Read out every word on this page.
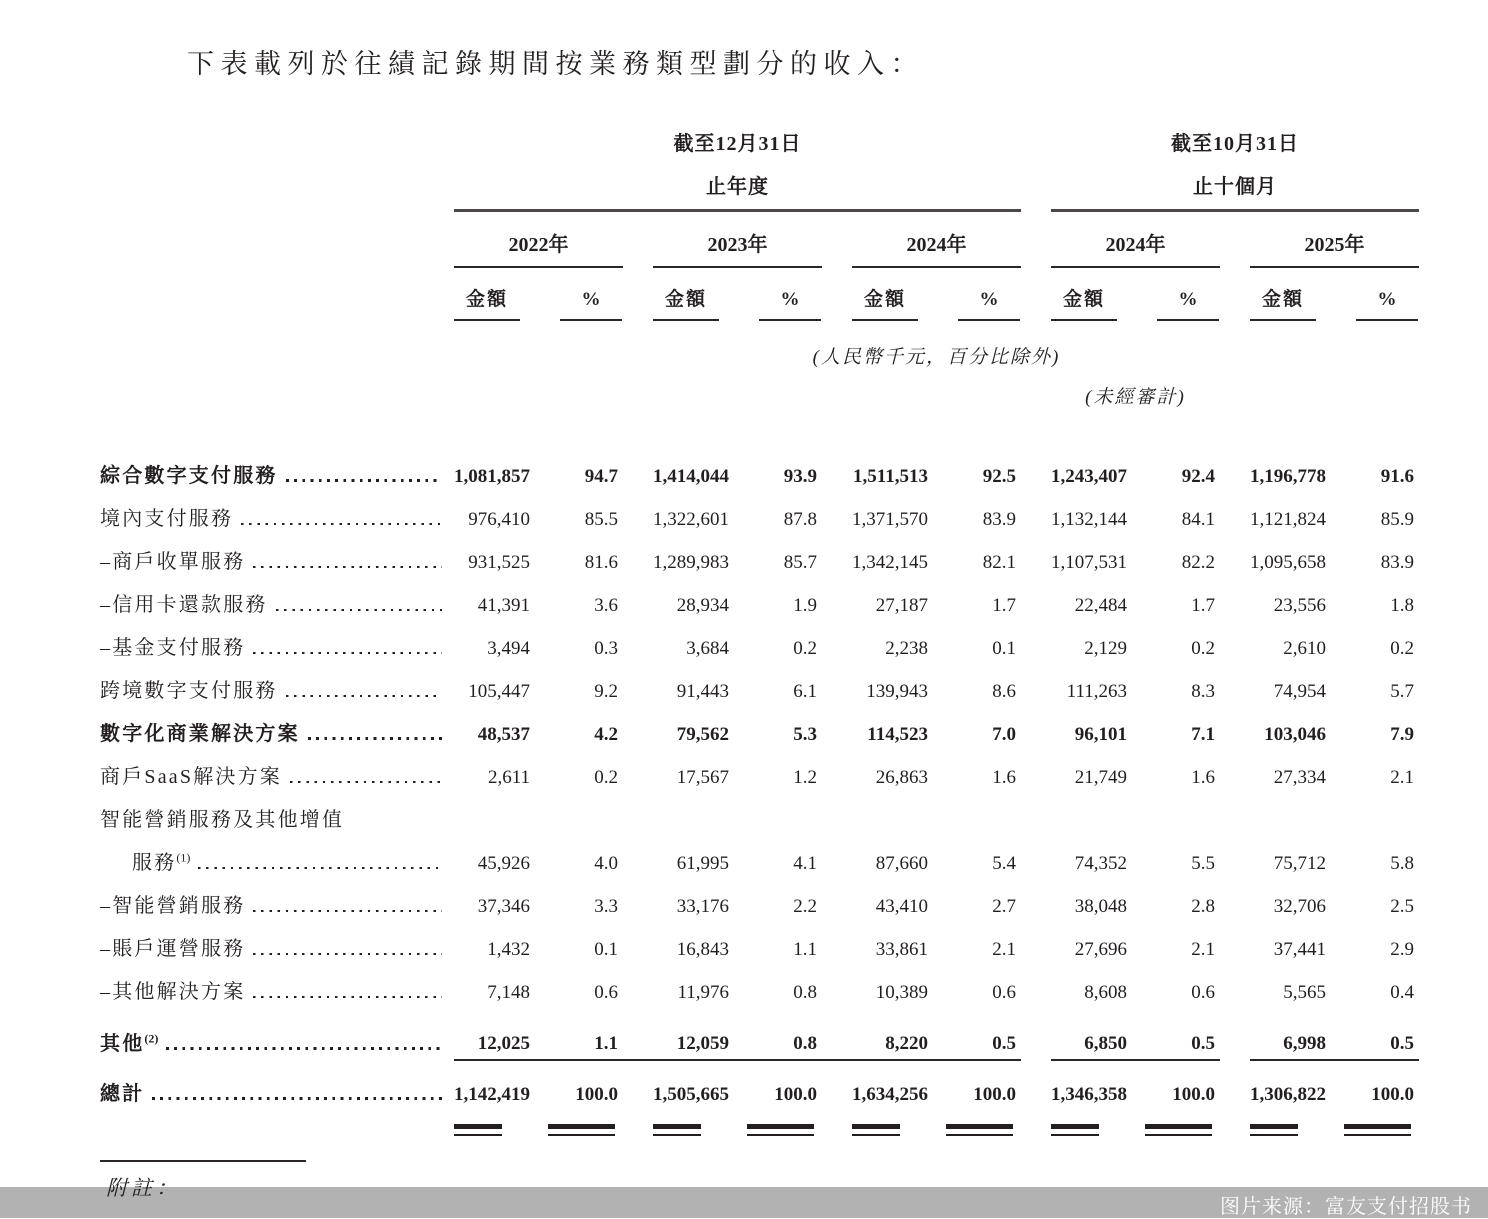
下表載列於往績記錄期間按業務類型劃分的收入：
	截至12月31日									截至10月31日				
	止年度									止十個月				
	2022年			2023年			2024年			2024年			2025年	

	金額	%		金額	%		金額	%		金額	%		金額	%

	(人民幣千元，百分比除外)													
										(未經審計)				

綜合數字支付服務	1,081,857	94.7		1,414,044	93.9		1,511,513	92.5		1,243,407	92.4		1,196,778	91.6

境內支付服務	976,410	85.5		1,322,601	87.8		1,371,570	83.9		1,132,144	84.1		1,121,824	85.9

–商戶收單服務	931,525	81.6		1,289,983	85.7		1,342,145	82.1		1,107,531	82.2		1,095,658	83.9

–信用卡還款服務	41,391	3.6		28,934	1.9		27,187	1.7		22,484	1.7		23,556	1.8

–基金支付服務	3,494	0.3		3,684	0.2		2,238	0.1		2,129	0.2		2,610	0.2

跨境數字支付服務	105,447	9.2		91,443	6.1		139,943	8.6		111,263	8.3		74,954	5.7

數字化商業解決方案	48,537	4.2		79,562	5.3		114,523	7.0		96,101	7.1		103,046	7.9

商戶SaaS解決方案	2,611	0.2		17,567	1.2		26,863	1.6		21,749	1.6		27,334	2.1

智能營銷服務及其他增值														

服務$^{(1)}$	45,926	4.0		61,995	4.1		87,660	5.4		74,352	5.5		75,712	5.8

–智能營銷服務	37,346	3.3		33,176	2.2		43,410	2.7		38,048	2.8		32,706	2.5

–賬戶運營服務	1,432	0.1		16,843	1.1		33,861	2.1		27,696	2.1		37,441	2.9

–其他解決方案	7,148	0.6		11,976	0.8		10,389	0.6		8,608	0.6		5,565	0.4

其他$^{(2)}$	12,025	1.1		12,059	0.8		8,220	0.5		6,850	0.5		6,998	0.5

總計	1,142,419	100.0		1,505,665	100.0		1,634,256	100.0		1,346,358	100.0		1,306,822	100.0

附註：
图片来源：富友支付招股书
